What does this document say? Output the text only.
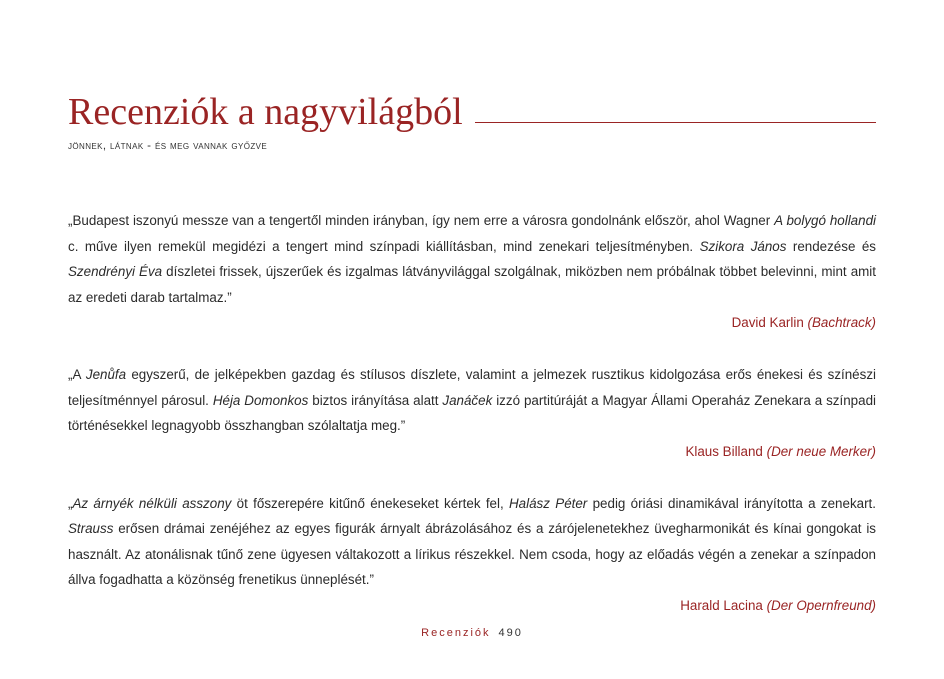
Recenziók a nagyvilágból
jönnek, látnak - és meg vannak győzve

„Budapest iszonyú messze van a tengertől minden irányban, így nem erre a városra gondolnánk először, ahol Wagner A bolygó hollandi c. műve ilyen remekül megidézi a tengert mind színpadi kiállításban, mind zenekari teljesítményben. Szikora János rendezése és Szendrényi Éva díszletei frissek, újszerűek és izgalmas látványvilággal szolgálnak, miközben nem próbálnak többet belevinni, mint amit az eredeti darab tartalmaz.”

David Karlin (Bachtrack)

„A Jenůfa egyszerű, de jelképekben gazdag és stílusos díszlete, valamint a jelmezek rusztikus kidolgozása erős énekesi és színészi teljesítménnyel párosul. Héja Domonkos biztos irányítása alatt Janáček izzó partitúráját a Magyar Állami Operaház Zenekara a színpadi történésekkel legnagyobb összhangban szólaltatja meg.”

Klaus Billand (Der neue Merker)

„Az árnyék nélküli asszony öt főszerepére kitűnő énekeseket kértek fel, Halász Péter pedig óriási dinamikával irányította a zenekart. Strauss erősen drámai zenéjéhez az egyes figurák árnyalt ábrázolásához és a zárójelenetekhez üvegharmonikát és kínai gongokat is használt. Az atonálisnak tűnő zene ügyesen váltakozott a lírikus részekkel. Nem csoda, hogy az előadás végén a zenekar a színpadon állva fogadhatta a közönség frenetikus ünneplését.”

Harald Lacina (Der Opernfreund)

Recenziók 490
